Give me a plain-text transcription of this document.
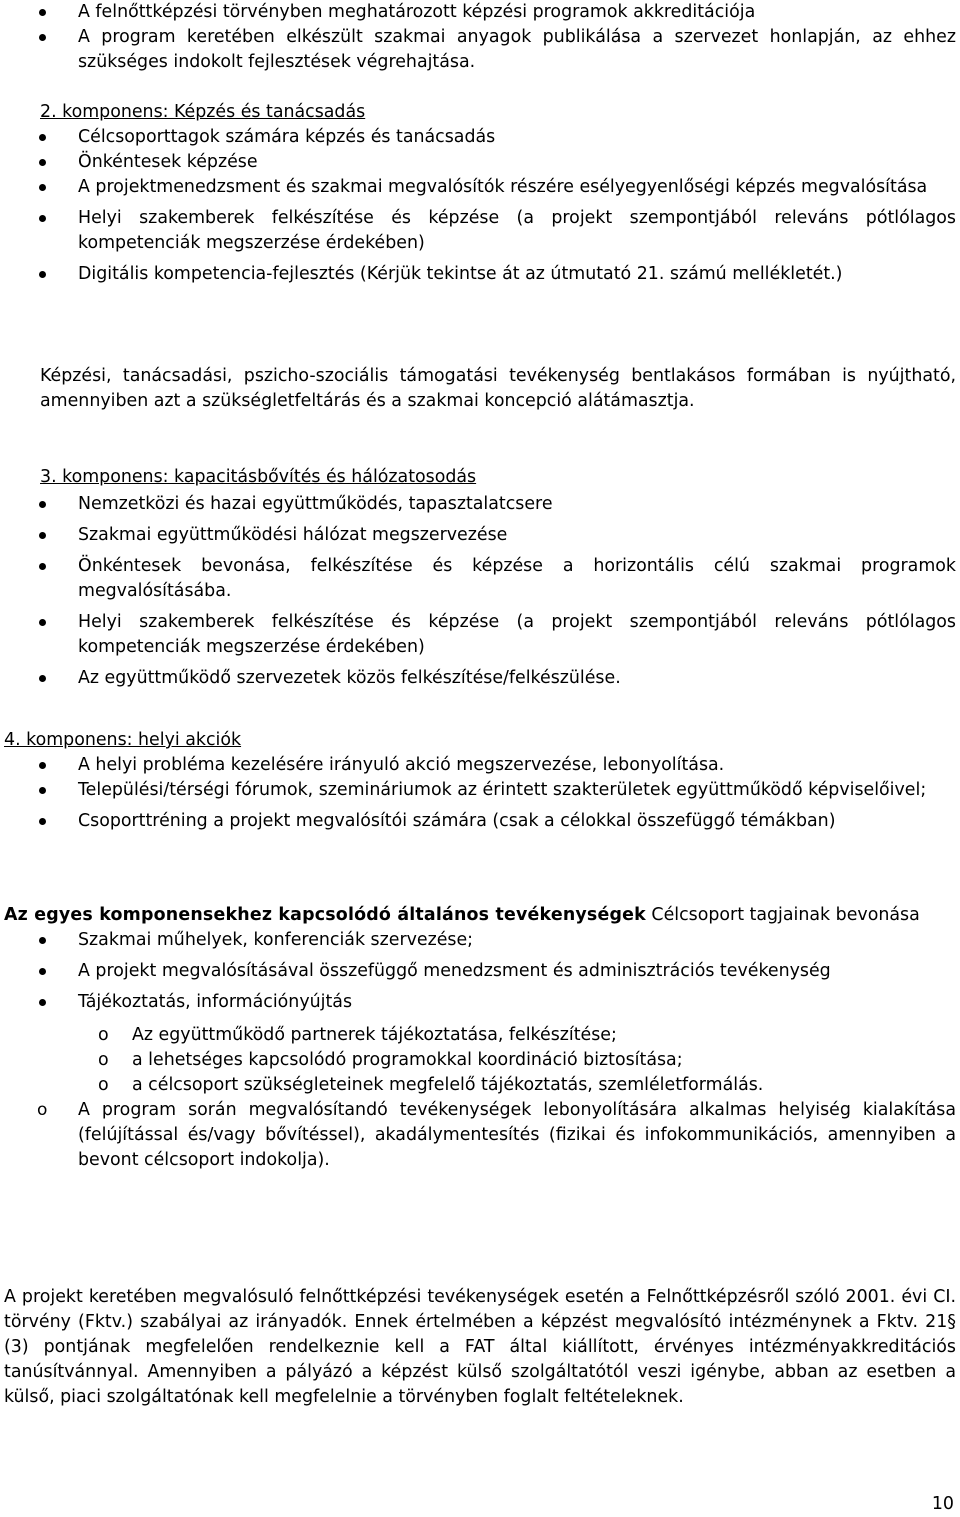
A felnőttképzési törvényben meghatározott képzési programok akkreditációja
A program keretében elkészült szakmai anyagok publikálása a szervezet honlapján, az ehhez szükséges indokolt fejlesztések végrehajtása.

2. komponens: Képzés és tanácsadás

Célcsoporttagok számára képzés és tanácsadás
Önkéntesek képzése
A projektmenedzsment és szakmai megvalósítók részére esélyegyenlőségi képzés megvalósítása
Helyi szakemberek felkészítése és képzése (a projekt szempontjából releváns pótlólagos kompetenciák megszerzése érdekében)
Digitális kompetencia-fejlesztés (Kérjük tekintse át az útmutató 21. számú mellékletét.)

Képzési, tanácsadási, pszicho-szociális támogatási tevékenység bentlakásos formában is nyújtható, amennyiben azt a szükségletfeltárás és a szakmai koncepció alátámasztja.

3. komponens: kapacitásbővítés és hálózatosodás

Nemzetközi és hazai együttműködés, tapasztalatcsere
Szakmai együttműködési hálózat megszervezése
Önkéntesek bevonása, felkészítése és képzése a horizontális célú szakmai programok megvalósításába.
Helyi szakemberek felkészítése és képzése (a projekt szempontjából releváns pótlólagos kompetenciák megszerzése érdekében)
Az együttműködő szervezetek közös felkészítése/felkészülése.

4. komponens: helyi akciók

A helyi probléma kezelésére irányuló akció megszervezése, lebonyolítása.
Települési/térségi fórumok, szemináriumok az érintett szakterületek együttműködő képviselőivel;
Csoporttréning a projekt megvalósítói számára (csak a célokkal összefüggő témákban)

Az egyes komponensekhez kapcsolódó általános tevékenységek Célcsoport tagjainak bevonása

Szakmai műhelyek, konferenciák szervezése;
A projekt megvalósításával összefüggő menedzsment és adminisztrációs tevékenység
Tájékoztatás, információnyújtás
o Az együttműködő partnerek tájékoztatása, felkészítése;
o a lehetséges kapcsolódó programokkal koordináció biztosítása;
o a célcsoport szükségleteinek megfelelő tájékoztatás, szemléletformálás.
o A program során megvalósítandó tevékenységek lebonyolítására alkalmas helyiség kialakítása (felújítással és/vagy bővítéssel), akadálymentesítés (fizikai és infokommunikációs, amennyiben a bevont célcsoport indokolja).

A projekt keretében megvalósuló felnőttképzési tevékenységek esetén a Felnőttképzésről szóló 2001. évi CI. törvény (Fktv.) szabályai az irányadók. Ennek értelmében a képzést megvalósító intézménynek a Fktv. 21§ (3) pontjának megfelelően rendelkeznie kell a FAT által kiállított, érvényes intézményakkreditációs tanúsítvánnyal. Amennyiben a pályázó a képzést külső szolgáltatótól veszi igénybe, abban az esetben a külső, piaci szolgáltatónak kell megfelelnie a törvényben foglalt feltételeknek.

10
